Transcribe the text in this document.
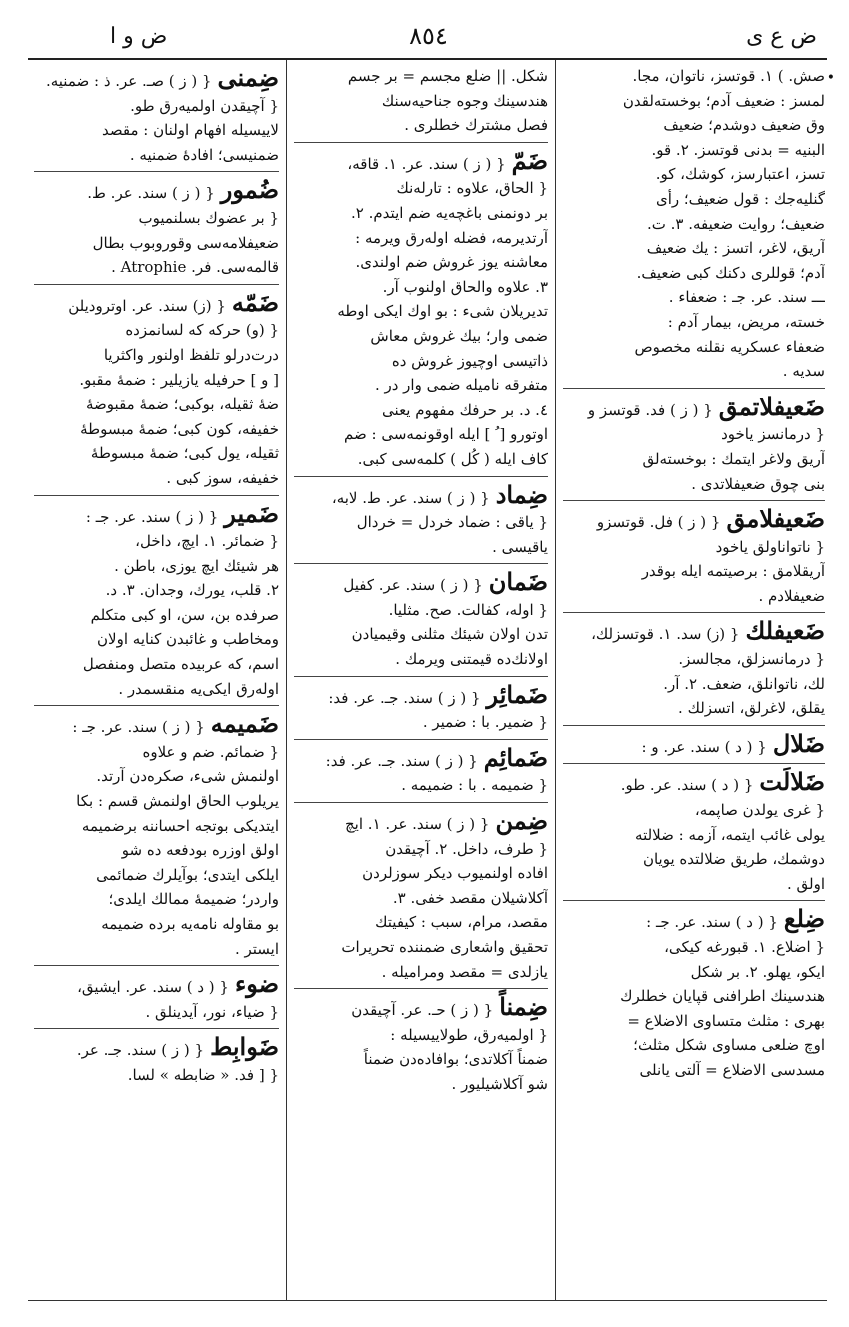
ض ع ى
٨٥٤
ض و ا
•
صش. ) ١. قوتسز، ناتوان، مجا.
لمسز : ضعيف آدم؛ بوخستەلقدن
وق ضعيف دوشدم؛ ضعيف
البنيه = بدنى قوتسز. ٢. قو.
تسز، اعتبارسز، كوشك، كو.
گنلیەجك : قول ضعيف؛ رأى
ضعيف؛ روايت ضعيفه. ٣. ت.
آريق، لاغر، اتسز : يك ضعيف
آدم؛ قوللرى دكنك كبى ضعيف.
ـــ سند. عر. جـ : ضعفاء .
خستە، مريض، بيمار آدم :
ضعفاء عسكريە نقلنە مخصوص
سديە .
ضَعيفلاتمق{ ( ز ) فد. قوتسز و
{ درمانسز ياخود

آريق ولاغر ايتمك : بوخستەلق
بنى چوق ضعيفلاتدى .
ضَعيفلامق{ ( ز ) فل. قوتسزو
{ ناتواناولق ياخود

آريقلامق : برصيتمه ايله بوقدر
ضعيفلادم .
ضَعيفلك{ (ز) سد. ١. قوتسزلك،
{ درمانسزلق، مجالسز.

لك، ناتوانلق، ضعف. ٢. آر.
يقلق، لاغرلق، اتسزلك .
ضَلال{ ( د ) سند. عر. و :

ضَلالَت{ ( د ) سند. عر. طو.
{ غرى يولدن صاپمه،

يولى غائب ايتمه، آزمه : ضلالتە
دوشمك، طريق ضلالتدە يويان
اولق .
ضِلع{ ( د ) سند. عر. جـ :
{ اضلاع. ١. قبورغه كيكى،

ايكو، يهلو. ٢. بر شكل
هندسينك اطرافنى قپايان خطلرك
بهرى : مثلث متساوى الاضلاع =
اوچ ضلعى مساوى شكل مثلث؛
مسدسى الاضلاع = آلتى يانلى
شكل. || ضلع مجسم = بر جسم
هندسينك وجوه جناحيەسنك
فصل مشترك خطلرى .
ضَمّ{ ( ز ) سند. عر. ١. قاقه،
{ الحاق، علاوه : تارلەنك

بر دونمنى باغچه‌يه ضم ايتدم. ٢.
آرتديرمه، فضله اولەرق ويرمه :
معاشنه يوز غروش ضم اولندى.
٣. علاوه والحاق اولنوب آر.
تديريلان شىء : بو اوك ايكى اوطه
ضمى وار؛ بيك غروش معاش
ذاتيسى اوچيوز غروش ده
متفرقه ناميله ضمى وار در .
٤. د. بر حرفك مفهوم يعنى
اوتورو [ ُ ] ايله اوقونمه‌سى : ضم
كاف ايله ( كُل ) كلمەسى كبى.
ضِماد{ ( ز ) سند. عر. ط. لابه،
{ ياقى : ضماد خردل = خردال

ياقيسى .
ضَمان{ ( ز ) سند. عر. كفيل
{ اوله، كفالت. صح. مثليا.

تدن اولان شيئك مثلنى وقيميادن
اولانك‌ده قيمتنى ويرمك .
ضَمائِر{ ( ز ) سند. جـ. عر. فد:
{ ضمير. با : ضمير .

ضَمائِم{ ( ز ) سند. جـ. عر. فد:
{ ضميمه . با : ضميمه .

ضِمن{ ( ز ) سند. عر. ١. ايچ
{ طرف، داخل. ٢. آچيقدن

افاده اولنميوب ديكر سوزلردن
آكلاشيلان مقصد خفى. ٣.
مقصد، مرام، سبب : كيفيتك
تحقيق واشعارى ضمننده تحريرات
يازلدى = مقصد ومراميله .
ضِمناً{ ( ز ) حـ. عر. آچيقدن
{ اولميەرق، طولاييسيله :

ضمناً آكلاتدى؛ بوافادەدن ضمناً
شو آكلاشيليور .
ضِمنى{ ( ز ) صـ. عر. ذ : ضمنيه.
{ آچيقدن اولميەرق طو.

لاييسيله افهام اولنان : مقصد
ضمنيسى؛ افادۀ ضمنيه .
ضُمور{ ( ز ) سند. عر. ط.
{ بر عضوك بسلنميوب

ضعيفلامه‌سى وقوروبوب بطال
قالمه‌سى. فر. Atrophie .
ضَمّه{ (ز) سند. عر. اوتروديلن
{ (و) حركه كه لسانمزده

درت‌درلو تلفظ اولنور واكثريا
[ و ] حرفيله يازيلير : ضمۀ مقبو.
ضۀ ثقيله، بوكبى؛ ضمۀ مقبوضۀ
خفيفه، كون كبى؛ ضمۀ مبسوطۀ
ثقيله، يول كبى؛ ضمۀ مبسوطۀ
خفيفه، سوز كبى .
ضَمير{ ( ز ) سند. عر. جـ :
{ ضمائر. ١. ايچ، داخل،

هر شيئك ايچ يوزى، باطن .
٢. قلب، يورك، وجدان. ٣. د.
صرفده بن، سن، او كبى متكلم
ومخاطب و غائبدن كنايه اولان
اسم، كه عربيده متصل ومنفصل
اولەرق ايكى‌يه منقسمدر .
ضَميمه{ ( ز ) سند. عر. جـ :
{ ضمائم. ضم و علاوه

اولنمش شىء، صكرەدن آرتد.
يريلوب الحاق اولنمش قسم : بكا
ايتديكى بوتجه احساننه برضميمه
اولق اوزره بودفعه ده شو
ايلكى ايتدى؛ بوآيلرك ضمائمى
واردر؛ ضميمۀ ممالك ايلدى؛
بو مقاوله نامه‌يه برده ضميمه
ايستر .
ضوء{ ( د ) سند. عر. ايشيق،
{ ضياء، نور، آيدينلق .

ضَوابِط{ ( ز ) سند. جـ. عر.
{ [ فد. « ضابطه » لسا.
